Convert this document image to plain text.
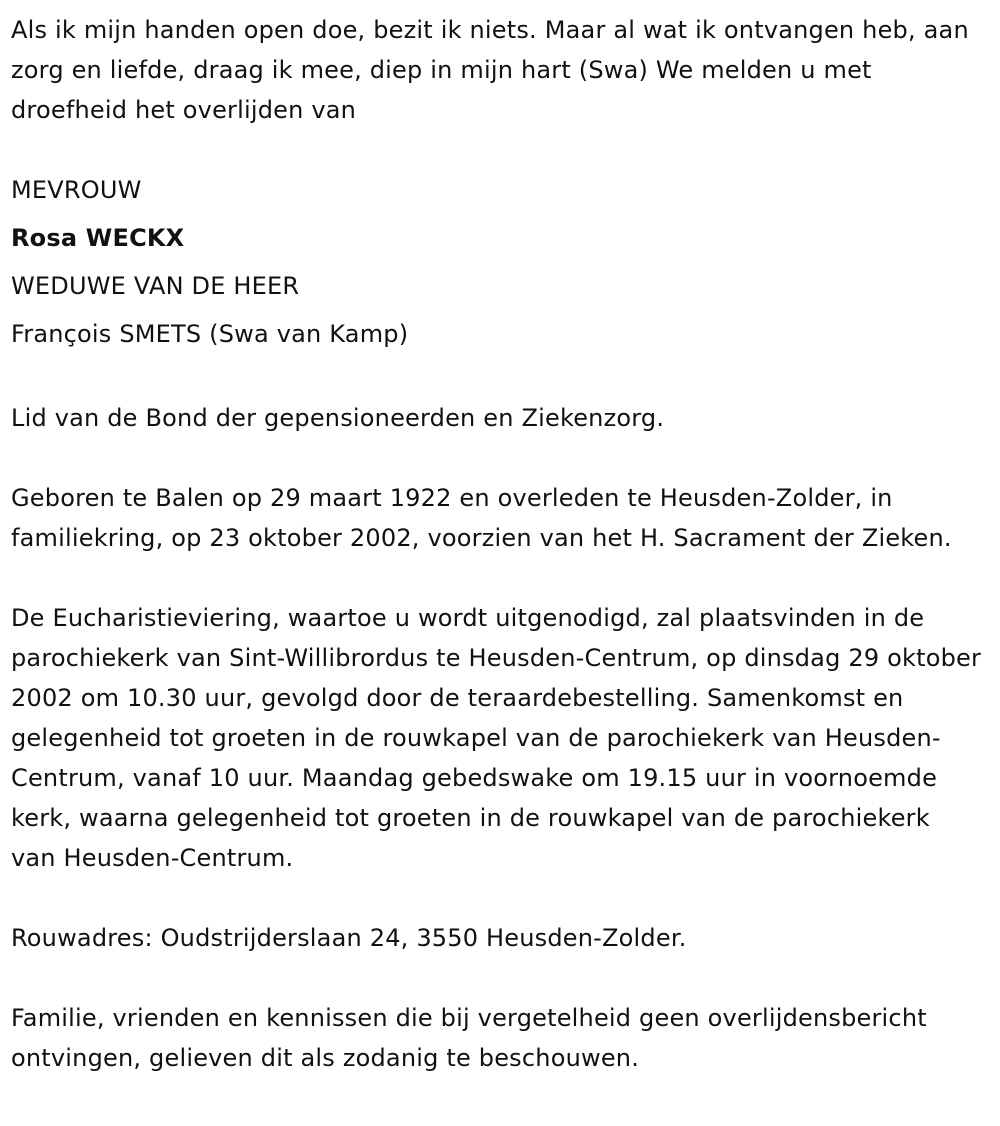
Als ik mijn handen open doe, bezit ik niets. Maar al wat ik ontvangen heb, aan zorg en liefde, draag ik mee, diep in mijn hart (Swa) We melden u met droefheid het overlijden van

MEVROUW

Rosa WECKX

WEDUWE VAN DE HEER

François SMETS (Swa van Kamp)

Lid van de Bond der gepensioneerden en Ziekenzorg.

Geboren te Balen op 29 maart 1922 en overleden te Heusden-Zolder, in familiekring, op 23 oktober 2002, voorzien van het H. Sacrament der Zieken.

De Eucharistieviering, waartoe u wordt uitgenodigd, zal plaatsvinden in de parochiekerk van Sint-Willibrordus te Heusden-Centrum, op dinsdag 29 oktober 2002 om 10.30 uur, gevolgd door de teraardebestelling. Samenkomst en gelegenheid tot groeten in de rouwkapel van de parochiekerk van Heusden-Centrum, vanaf 10 uur. Maandag gebedswake om 19.15 uur in voornoemde kerk, waarna gelegenheid tot groeten in de rouwkapel van de parochiekerk van Heusden-Centrum.

Rouwadres: Oudstrijderslaan 24, 3550 Heusden-Zolder.

Familie, vrienden en kennissen die bij vergetelheid geen overlijdensbericht ontvingen, gelieven dit als zodanig te beschouwen.
